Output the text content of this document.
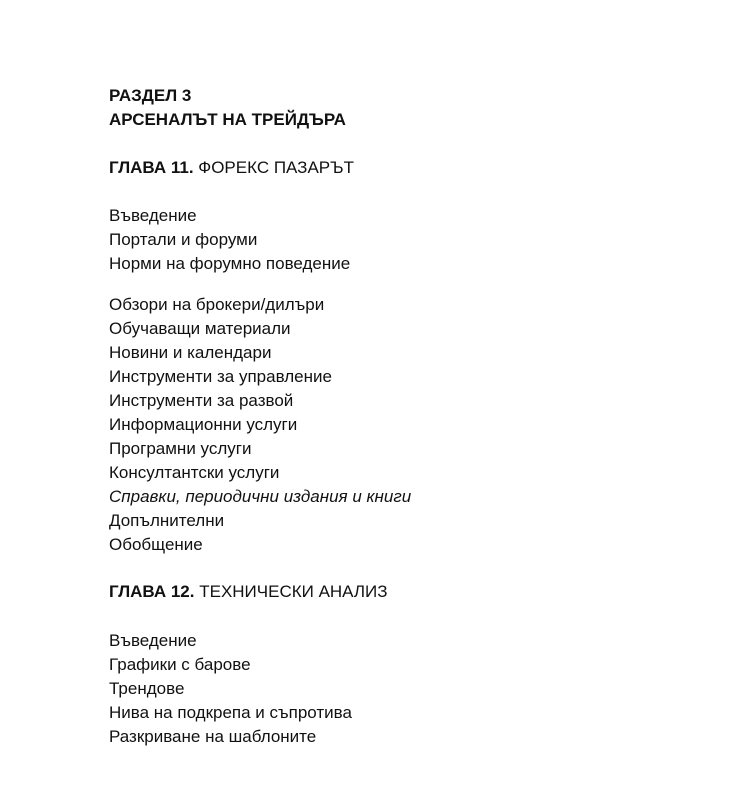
РАЗДЕЛ 3
АРСЕНАЛЪТ НА ТРЕЙДЪРА
ГЛАВА 11. ФОРЕКС ПАЗАРЪТ
Въведение
Портали и форуми
Норми на форумно поведение
Обзори на брокери/дилъри
Обучаващи материали
Новини и календари
Инструменти за управление
Инструменти за развой
Информационни услуги
Програмни услуги
Консултантски услуги
Справки, периодични издания и книги
Допълнителни
Обобщение
ГЛАВА 12. ТЕХНИЧЕСКИ АНАЛИЗ
Въведение
Графики с барове
Трендове
Нива на подкрепа и съпротива
Разкриване на шаблоните
